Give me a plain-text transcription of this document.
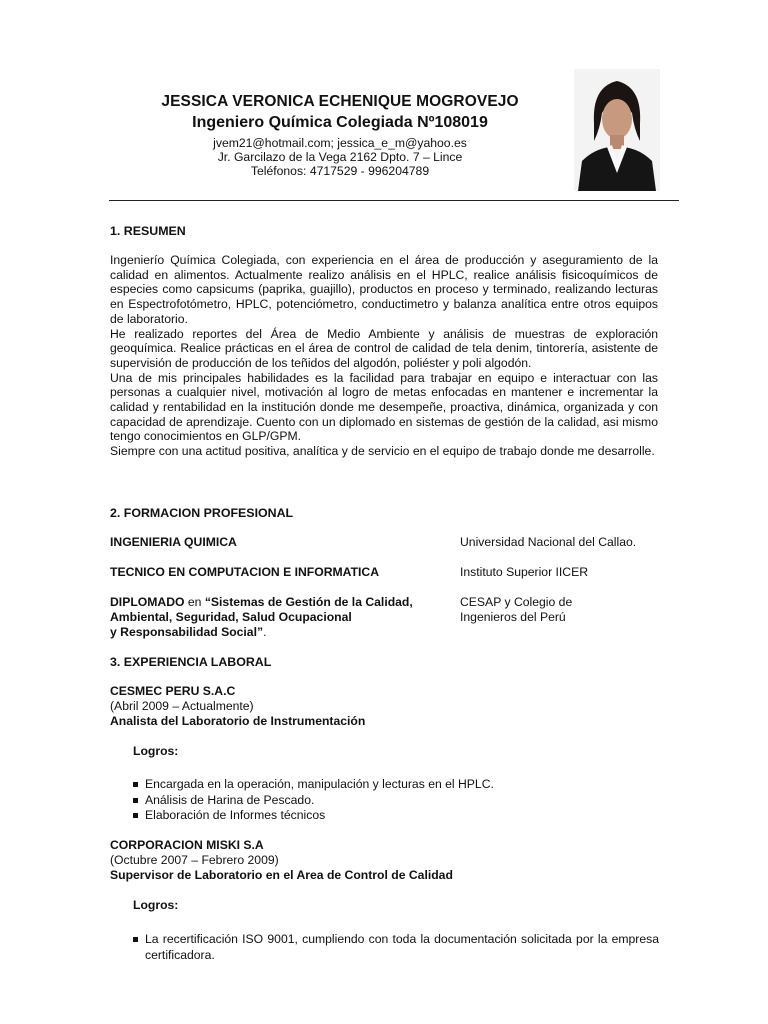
JESSICA VERONICA ECHENIQUE MOGROVEJO
Ingeniero Química Colegiada Nº108019
jvem21@hotmail.com; jessica_e_m@yahoo.es
Jr. Garcilazo de la Vega 2162 Dpto. 7 – Lince
Teléfonos: 4717529 - 996204789
1. RESUMEN

Ingenierío Química Colegiada, con experiencia en el área de producción y aseguramiento de la calidad en alimentos. Actualmente realizo análisis en el HPLC, realice análisis fisicoquímicos de especies como capsicums (paprika, guajillo), productos en proceso y terminado, realizando lecturas en Espectrofotómetro, HPLC, potenciómetro, conductimetro y balanza analítica entre otros equipos de laboratorio.

He realizado reportes del Área de Medio Ambiente y análisis de muestras de exploración geoquímica. Realice prácticas en el área de control de calidad de tela denim, tintorería, asistente de supervisión de producción de los teñidos del algodón, poliéster y poli algodón.

Una de mis principales habilidades es la facilidad para trabajar en equipo e interactuar con las personas a cualquier nivel, motivación al logro de metas enfocadas en mantener e incrementar la calidad y rentabilidad en la institución donde me desempeñe, proactiva, dinámica, organizada y con capacidad de aprendizaje. Cuento con un diplomado en sistemas de gestión de la calidad, asi mismo tengo conocimientos en GLP/GPM.

Siempre con una actitud positiva, analítica y de servicio en el equipo de trabajo donde me desarrolle.

2. FORMACION PROFESIONAL
INGENIERIA QUIMICA	Universidad Nacional del Callao.
TECNICO EN COMPUTACION E INFORMATICA	Instituto Superior IICER
DIPLOMADO en “Sistemas de Gestión de la Calidad,
Ambiental, Seguridad, Salud Ocupacional
y Responsabilidad Social”.
CESAP y Colegio de
Ingenieros del Perú
3. EXPERIENCIA LABORAL
CESMEC PERU S.A.C
(Abril 2009 – Actualmente)
Analista del Laboratorio de Instrumentación
Logros:
Encargada en la operación, manipulación y lecturas en el HPLC.
Análisis de Harina de Pescado.
Elaboración de Informes técnicos
CORPORACION MISKI S.A
(Octubre 2007 – Febrero 2009)
Supervisor de Laboratorio en el Area de Control de Calidad
Logros:
La recertificación ISO 9001, cumpliendo con toda la documentación solicitada por la empresa certificadora.
